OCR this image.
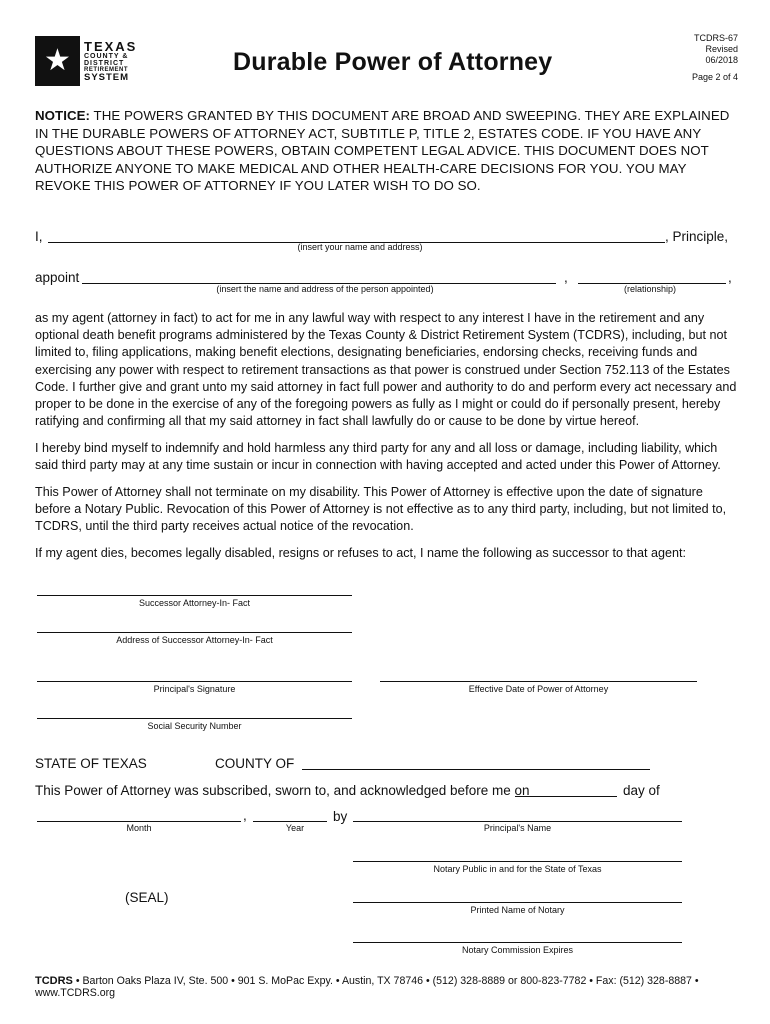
★	TEXAS
COUNTY &
DISTRICT
RETIREMENT
SYSTEM
Durable Power of Attorney
TCDRS-67
Revised
06/2018
Page 2 of 4
NOTICE: THE POWERS GRANTED BY THIS DOCUMENT ARE BROAD AND SWEEPING. THEY ARE EXPLAINED IN THE DURABLE POWERS OF ATTORNEY ACT, SUBTITLE P, TITLE 2, ESTATES CODE. IF YOU HAVE ANY QUESTIONS ABOUT THESE POWERS, OBTAIN COMPETENT LEGAL ADVICE. THIS DOCUMENT DOES NOT AUTHORIZE ANYONE TO MAKE MEDICAL AND OTHER HEALTH-CARE DECISIONS FOR YOU. YOU MAY REVOKE THIS POWER OF ATTORNEY IF YOU LATER WISH TO DO SO.
I,
(insert your name and address)
, Principle,
appoint
(insert the name and address of the person appointed)
,
(relationship)
,
as my agent (attorney in fact) to act for me in any lawful way with respect to any interest I have in the retirement and any optional death benefit programs administered by the Texas County & District Retirement System (TCDRS), including, but not limited to, filing applications, making benefit elections, designating beneficiaries, endorsing checks, receiving funds and exercising any power with respect to retirement transactions as that power is construed under Section 752.113 of the Estates Code. I further give and grant unto my said attorney in fact full power and authority to do and perform every act necessary and proper to be done in the exercise of any of the foregoing powers as fully as I might or could do if personally present, hereby ratifying and confirming all that my said attorney in fact shall lawfully do or cause to be done by virtue hereof.
I hereby bind myself to indemnify and hold harmless any third party for any and all loss or damage, including liability, which said third party may at any time sustain or incur in connection with having accepted and acted under this Power of Attorney.
This Power of Attorney shall not terminate on my disability. This Power of Attorney is effective upon the date of signature before a Notary Public. Revocation of this Power of Attorney is not effective as to any third party, including, but not limited to, TCDRS, until the third party receives actual notice of the revocation.
If my agent dies, becomes legally disabled, resigns or refuses to act, I name the following as successor to that agent:
Successor Attorney-In- Fact
Address of Successor Attorney-In- Fact
Principal's Signature	Effective Date of Power of Attorney
Social Security Number
STATE OF TEXAS	COUNTY OF
This Power of Attorney was subscribed, sworn to, and acknowledged before me on	day of
Month
,
Year
by
Principal's Name
Notary Public in and for the State of Texas
(SEAL)
Printed Name of Notary
Notary Commission Expires
TCDRS • Barton Oaks Plaza IV, Ste. 500 • 901 S. MoPac Expy. • Austin, TX 78746 • (512) 328-8889 or 800-823-7782 • Fax: (512) 328-8887 • www.TCDRS.org
